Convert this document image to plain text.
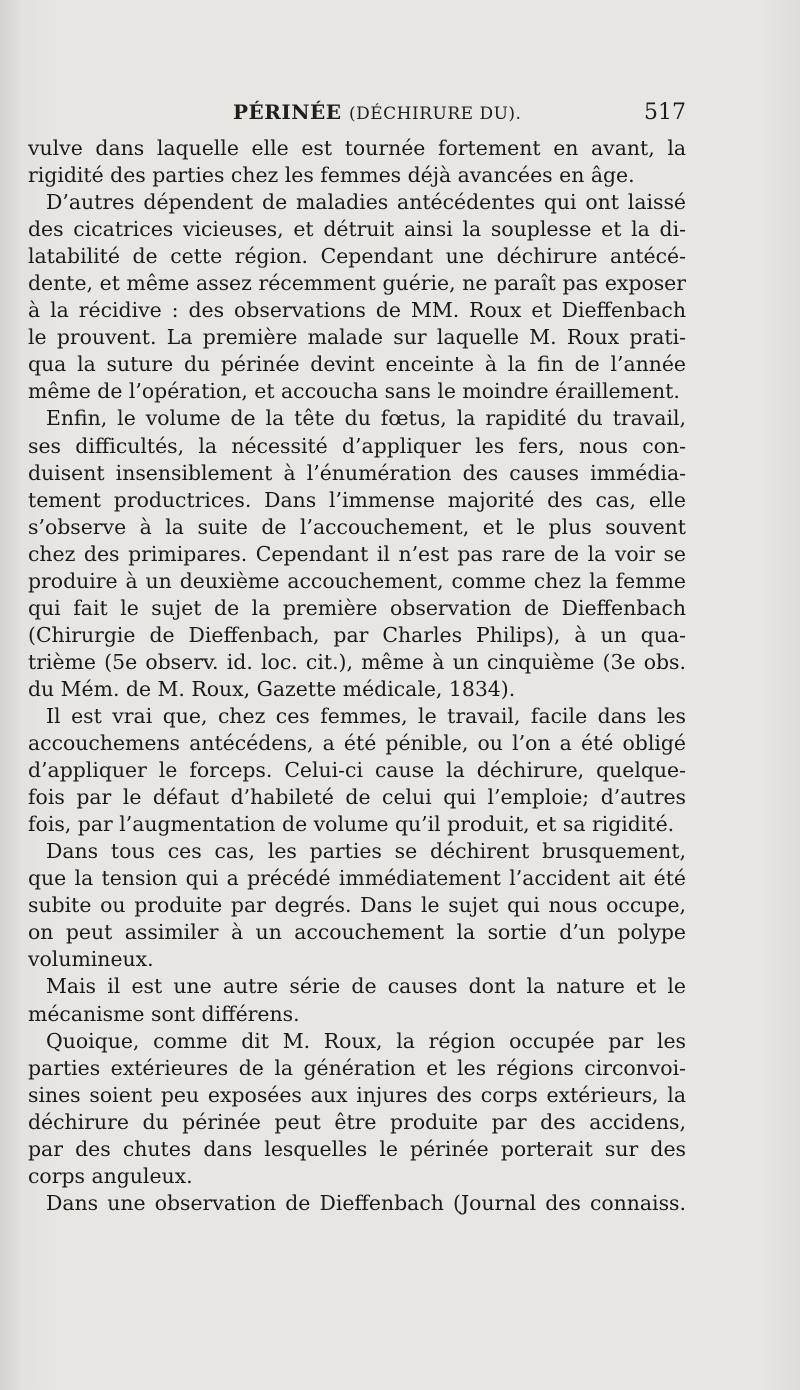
PÉRINÉE (DÉCHIRURE DU).	517
vulve dans laquelle elle est tournée fortement en avant, la
rigidité des parties chez les femmes déjà avancées en âge.
D’autres dépendent de maladies antécédentes qui ont laissé
des cicatrices vicieuses, et détruit ainsi la souplesse et la di-
latabilité de cette région. Cependant une déchirure antécé-
dente, et même assez récemment guérie, ne paraît pas exposer
à la récidive : des observations de MM. Roux et Dieffenbach
le prouvent. La première malade sur laquelle M. Roux prati-
qua la suture du périnée devint enceinte à la fin de l’année
même de l’opération, et accoucha sans le moindre éraillement.
Enfin, le volume de la tête du fœtus, la rapidité du travail,
ses difficultés, la nécessité d’appliquer les fers, nous con-
duisent insensiblement à l’énumération des causes immédia-
tement productrices. Dans l’immense majorité des cas, elle
s’observe à la suite de l’accouchement, et le plus souvent
chez des primipares. Cependant il n’est pas rare de la voir se
produire à un deuxième accouchement, comme chez la femme
qui fait le sujet de la première observation de Dieffenbach
(Chirurgie de Dieffenbach, par Charles Philips), à un qua-
trième (5e observ. id. loc. cit.), même à un cinquième (3e obs.
du Mém. de M. Roux, Gazette médicale, 1834).
Il est vrai que, chez ces femmes, le travail, facile dans les
accouchemens antécédens, a été pénible, ou l’on a été obligé
d’appliquer le forceps. Celui-ci cause la déchirure, quelque-
fois par le défaut d’habileté de celui qui l’emploie; d’autres
fois, par l’augmentation de volume qu’il produit, et sa rigidité.
Dans tous ces cas, les parties se déchirent brusquement,
que la tension qui a précédé immédiatement l’accident ait été
subite ou produite par degrés. Dans le sujet qui nous occupe,
on peut assimiler à un accouchement la sortie d’un polype
volumineux.
Mais il est une autre série de causes dont la nature et le
mécanisme sont différens.
Quoique, comme dit M. Roux, la région occupée par les
parties extérieures de la génération et les régions circonvoi-
sines soient peu exposées aux injures des corps extérieurs, la
déchirure du périnée peut être produite par des accidens,
par des chutes dans lesquelles le périnée porterait sur des
corps anguleux.
Dans une observation de Dieffenbach (Journal des connaiss.
